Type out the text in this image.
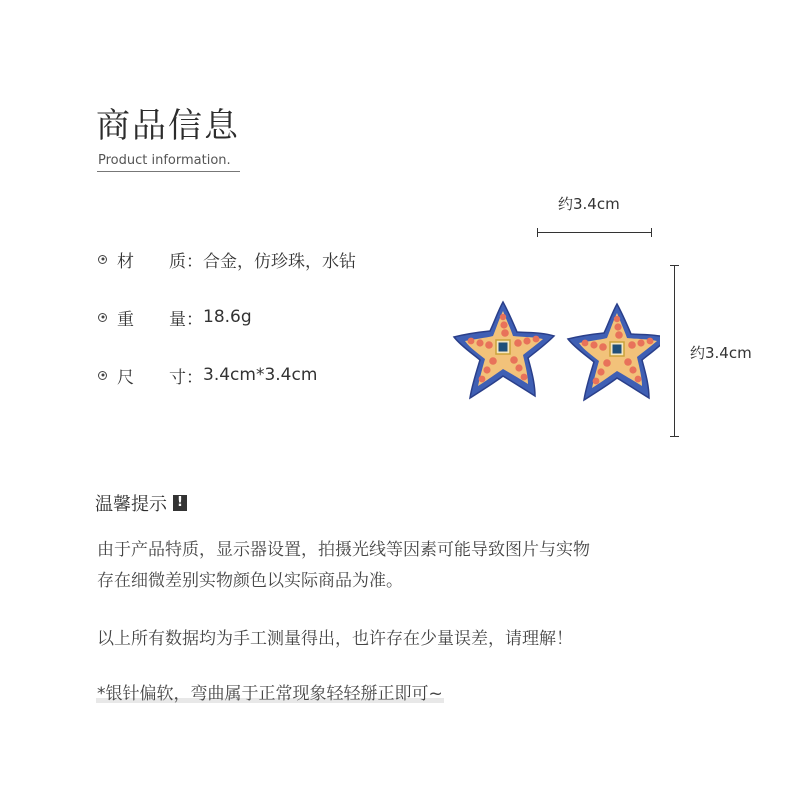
商品信息
Product information.
材	质： 合金，仿珍珠，水钻
重	量： 18.6g
尺	寸： 3.4cm*3.4cm
约3.4cm
约3.4cm
温馨提示 !
由于产品特质，显示器设置，拍摄光线等因素可能导致图片与实物
存在细微差别实物颜色以实际商品为准。
以上所有数据均为手工测量得出，也许存在少量误差，请理解！
*银针偏软，弯曲属于正常现象轻轻掰正即可~
